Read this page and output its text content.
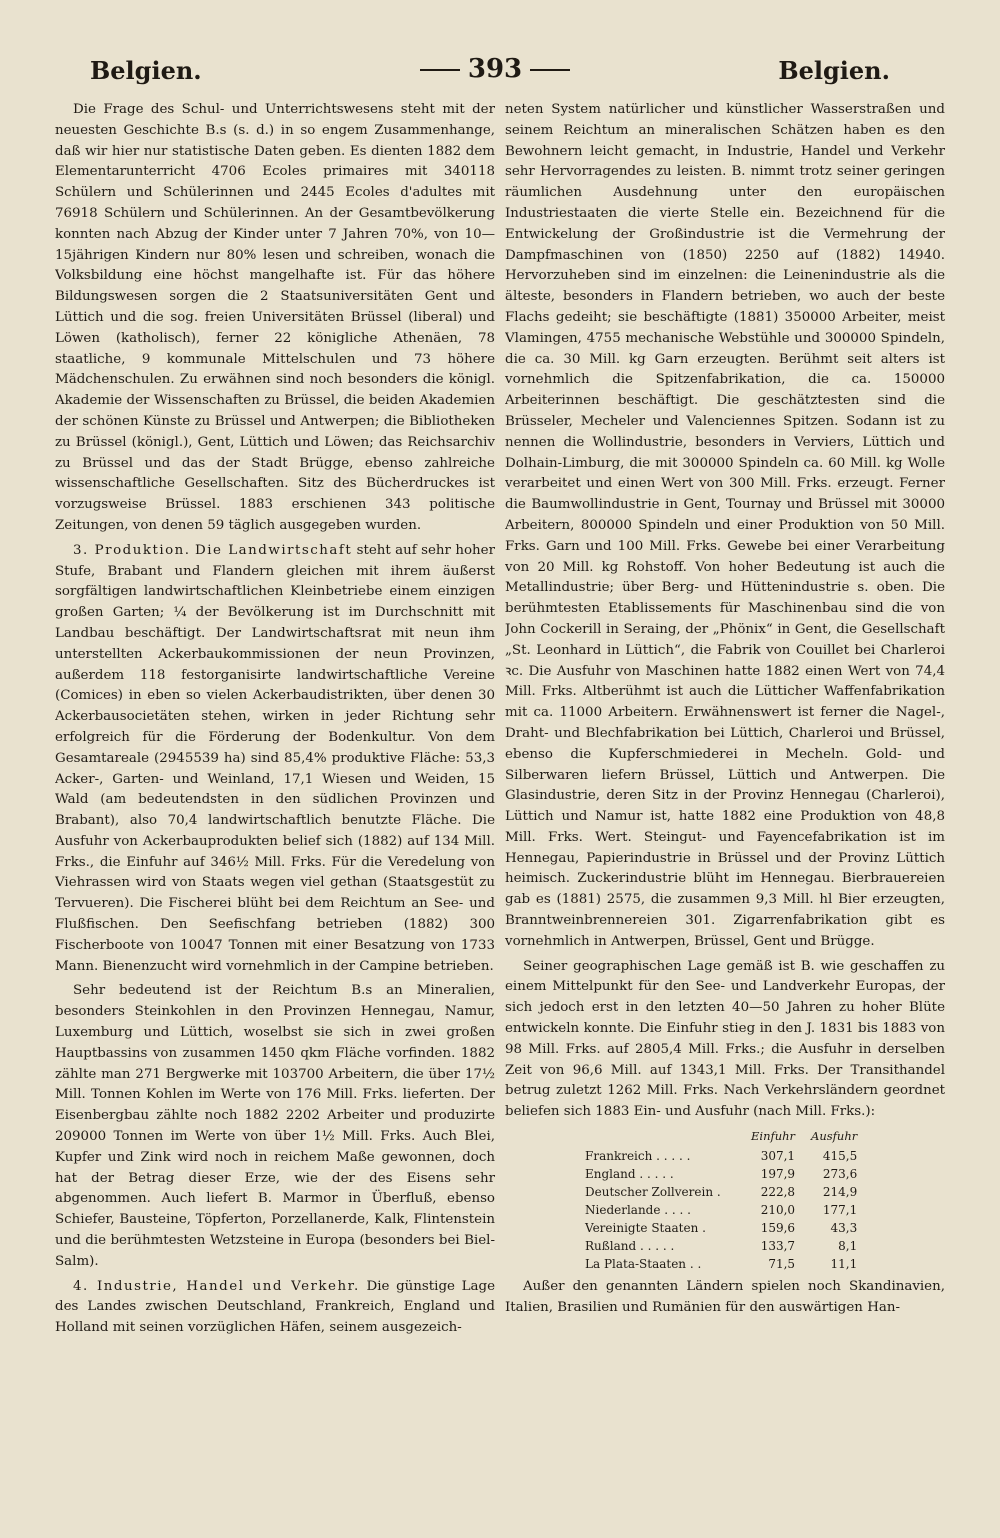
Belgien.	393	Belgien.

Die Frage des Schul- und Unterrichtswesens steht mit der neuesten Geschichte B.s (s. d.) in so engem Zusammenhange, daß wir hier nur statistische Daten geben. Es dienten 1882 dem Elementarunterricht 4706 Ecoles primaires mit 340118 Schülern und Schülerinnen und 2445 Ecoles d'adultes mit 76918 Schülern und Schülerinnen. An der Gesamtbevölkerung konnten nach Abzug der Kinder unter 7 Jahren 70%, von 10—15jährigen Kindern nur 80% lesen und schreiben, wonach die Volksbildung eine höchst mangelhafte ist. Für das höhere Bildungswesen sorgen die 2 Staatsuniversitäten Gent und Lüttich und die sog. freien Universitäten Brüssel (liberal) und Löwen (katholisch), ferner 22 königliche Athenäen, 78 staatliche, 9 kommunale Mittelschulen und 73 höhere Mädchenschulen. Zu erwähnen sind noch besonders die königl. Akademie der Wissenschaften zu Brüssel, die beiden Akademien der schönen Künste zu Brüssel und Antwerpen; die Bibliotheken zu Brüssel (königl.), Gent, Lüttich und Löwen; das Reichsarchiv zu Brüssel und das der Stadt Brügge, ebenso zahlreiche wissenschaftliche Gesellschaften. Sitz des Bücherdruckes ist vorzugsweise Brüssel. 1883 erschienen 343 politische Zeitungen, von denen 59 täglich ausgegeben wurden.

3. Produktion. Die Landwirtschaft steht auf sehr hoher Stufe, Brabant und Flandern gleichen mit ihrem äußerst sorgfältigen landwirtschaftlichen Kleinbetriebe einem einzigen großen Garten; ¼ der Bevölkerung ist im Durchschnitt mit Landbau beschäftigt. Der Landwirtschaftsrat mit neun ihm unterstellten Ackerbaukommissionen der neun Provinzen, außerdem 118 festorganisirte landwirtschaftliche Vereine (Comices) in eben so vielen Ackerbaudistrikten, über denen 30 Ackerbausocietäten stehen, wirken in jeder Richtung sehr erfolgreich für die Förderung der Bodenkultur. Von dem Gesamtareale (2945539 ha) sind 85,4% produktive Fläche: 53,3 Acker-, Garten- und Weinland, 17,1 Wiesen und Weiden, 15 Wald (am bedeutendsten in den südlichen Provinzen und Brabant), also 70,4 landwirtschaftlich benutzte Fläche. Die Ausfuhr von Ackerbauprodukten belief sich (1882) auf 134 Mill. Frks., die Einfuhr auf 346½ Mill. Frks. Für die Veredelung von Viehrassen wird von Staats wegen viel gethan (Staatsgestüt zu Tervueren). Die Fischerei blüht bei dem Reichtum an See- und Flußfischen. Den Seefischfang betrieben (1882) 300 Fischerboote von 10047 Tonnen mit einer Besatzung von 1733 Mann. Bienenzucht wird vornehmlich in der Campine betrieben.

Sehr bedeutend ist der Reichtum B.s an Mineralien, besonders Steinkohlen in den Provinzen Hennegau, Namur, Luxemburg und Lüttich, woselbst sie sich in zwei großen Hauptbassins von zusammen 1450 qkm Fläche vorfinden. 1882 zählte man 271 Bergwerke mit 103700 Arbeitern, die über 17½ Mill. Tonnen Kohlen im Werte von 176 Mill. Frks. lieferten. Der Eisenbergbau zählte noch 1882 2202 Arbeiter und produzirte 209000 Tonnen im Werte von über 1½ Mill. Frks. Auch Blei, Kupfer und Zink wird noch in reichem Maße gewonnen, doch hat der Betrag dieser Erze, wie der des Eisens sehr abgenommen. Auch liefert B. Marmor in Überfluß, ebenso Schiefer, Bausteine, Töpferton, Porzellanerde, Kalk, Flintenstein und die berühmtesten Wetzsteine in Europa (besonders bei Biel-Salm).

4. Industrie, Handel und Verkehr. Die günstige Lage des Landes zwischen Deutschland, Frankreich, England und Holland mit seinen vorzüglichen Häfen, seinem ausgezeich-

neten System natürlicher und künstlicher Wasserstraßen und seinem Reichtum an mineralischen Schätzen haben es den Bewohnern leicht gemacht, in Industrie, Handel und Verkehr sehr Hervorragendes zu leisten. B. nimmt trotz seiner geringen räumlichen Ausdehnung unter den europäischen Industriestaaten die vierte Stelle ein. Bezeichnend für die Entwickelung der Großindustrie ist die Vermehrung der Dampfmaschinen von (1850) 2250 auf (1882) 14940. Hervorzuheben sind im einzelnen: die Leinenindustrie als die älteste, besonders in Flandern betrieben, wo auch der beste Flachs gedeiht; sie beschäftigte (1881) 350000 Arbeiter, meist Vlamingen, 4755 mechanische Webstühle und 300000 Spindeln, die ca. 30 Mill. kg Garn erzeugten. Berühmt seit alters ist vornehmlich die Spitzenfabrikation, die ca. 150000 Arbeiterinnen beschäftigt. Die geschätztesten sind die Brüsseler, Mecheler und Valenciennes Spitzen. Sodann ist zu nennen die Wollindustrie, besonders in Verviers, Lüttich und Dolhain-Limburg, die mit 300000 Spindeln ca. 60 Mill. kg Wolle verarbeitet und einen Wert von 300 Mill. Frks. erzeugt. Ferner die Baumwollindustrie in Gent, Tournay und Brüssel mit 30000 Arbeitern, 800000 Spindeln und einer Produktion von 50 Mill. Frks. Garn und 100 Mill. Frks. Gewebe bei einer Verarbeitung von 20 Mill. kg Rohstoff. Von hoher Bedeutung ist auch die Metallindustrie; über Berg- und Hüttenindustrie s. oben. Die berühmtesten Etablissements für Maschinenbau sind die von John Cockerill in Seraing, der „Phönix“ in Gent, die Gesellschaft „St. Leonhard in Lüttich“, die Fabrik von Couillet bei Charleroi ꝛc. Die Ausfuhr von Maschinen hatte 1882 einen Wert von 74,4 Mill. Frks. Altberühmt ist auch die Lütticher Waffenfabrikation mit ca. 11000 Arbeitern. Erwähnenswert ist ferner die Nagel-, Draht- und Blechfabrikation bei Lüttich, Charleroi und Brüssel, ebenso die Kupferschmiederei in Mecheln. Gold- und Silberwaren liefern Brüssel, Lüttich und Antwerpen. Die Glasindustrie, deren Sitz in der Provinz Hennegau (Charleroi), Lüttich und Namur ist, hatte 1882 eine Produktion von 48,8 Mill. Frks. Wert. Steingut- und Fayencefabrikation ist im Hennegau, Papierindustrie in Brüssel und der Provinz Lüttich heimisch. Zuckerindustrie blüht im Hennegau. Bierbrauereien gab es (1881) 2575, die zusammen 9,3 Mill. hl Bier erzeugten, Branntweinbrennereien 301. Zigarrenfabrikation gibt es vornehmlich in Antwerpen, Brüssel, Gent und Brügge.

Seiner geographischen Lage gemäß ist B. wie geschaffen zu einem Mittelpunkt für den See- und Landverkehr Europas, der sich jedoch erst in den letzten 40—50 Jahren zu hoher Blüte entwickeln konnte. Die Einfuhr stieg in den J. 1831 bis 1883 von 98 Mill. Frks. auf 2805,4 Mill. Frks.; die Ausfuhr in derselben Zeit von 96,6 Mill. auf 1343,1 Mill. Frks. Der Transithandel betrug zuletzt 1262 Mill. Frks. Nach Verkehrsländern geordnet beliefen sich 1883 Ein- und Ausfuhr (nach Mill. Frks.):

	Einfuhr	Ausfuhr
Frankreich . . . . .	307,1	415,5
England . . . . .	197,9	273,6
Deutscher Zollverein .	222,8	214,9
Niederlande . . . .	210,0	177,1
Vereinigte Staaten .	159,6	43,3
Rußland . . . . .	133,7	8,1
La Plata-Staaten . .	71,5	11,1

Außer den genannten Ländern spielen noch Skandinavien, Italien, Brasilien und Rumänien für den auswärtigen Han-
